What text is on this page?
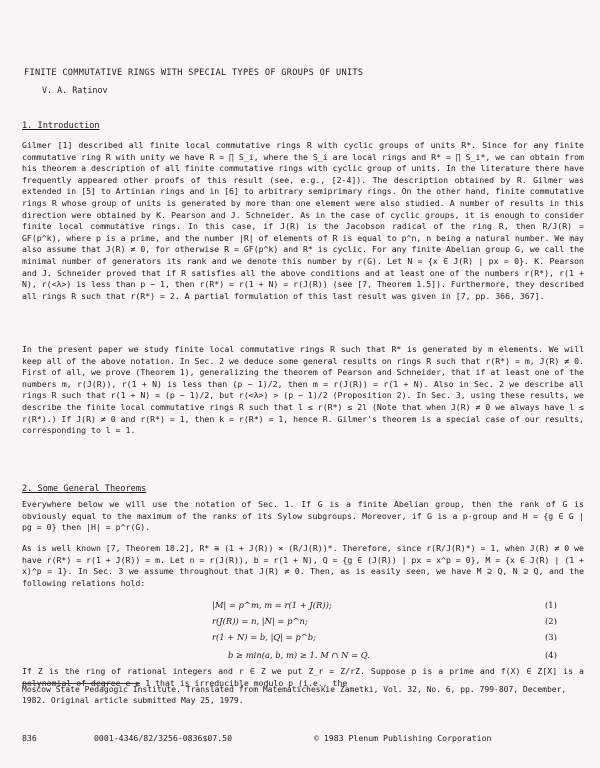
FINITE COMMUTATIVE RINGS WITH SPECIAL TYPES OF GROUPS OF UNITS
V. A. Ratinov
1. Introduction

Gilmer [1] described all finite local commutative rings R with cyclic groups of units R*. Since for any finite commutative ring R with unity we have R = ∏ S_i, where the S_i are local rings and R* = ∏ S_i*, we can obtain from his theorem a description of all finite commutative rings with cyclic group of units. In the literature there have frequently appeared other proofs of this result (see, e.g., [2-4]). The description obtained by R. Gilmer was extended in [5] to Artinian rings and in [6] to arbitrary semiprimary rings. On the other hand, finite commutative rings R whose group of units is generated by more than one element were also studied. A number of results in this direction were obtained by K. Pearson and J. Schneider. As in the case of cyclic groups, it is enough to consider finite local commutative rings. In this case, if J(R) is the Jacobson radical of the ring R, then R/J(R) = GF(p^k), where p is a prime, and the number |R| of elements of R is equal to p^n, n being a natural number. We may also assume that J(R) ≠ 0, for otherwise R = GF(p^k) and R* is cyclic. For any finite Abelian group G, we call the minimal number of generators its rank and we denote this number by r(G). Let N = {x ∈ J(R) | px = 0}. K. Pearson and J. Schneider proved that if R satisfies all the above conditions and at least one of the numbers r(R*), r(1 + N), r(<λ>) is less than p − 1, then r(R*) = r(1 + N) = r(J(R)) (see [7, Theorem 1.5]). Furthermore, they described all rings R such that r(R*) = 2. A partial formulation of this last result was given in [7, pp. 366, 367].

In the present paper we study finite local commutative rings R such that R* is generated by m elements. We will keep all of the above notation. In Sec. 2 we deduce some general results on rings R such that r(R*) = m, J(R) ≠ 0. First of all, we prove (Theorem 1), generalizing the theorem of Pearson and Schneider, that if at least one of the numbers m, r(J(R)), r(1 + N) is less than (p − 1)/2, then m = r(J(R)) = r(1 + N). Also in Sec. 2 we describe all rings R such that r(1 + N) = (p − 1)/2, but r(<λ>) > (p − 1)/2 (Proposition 2). In Sec. 3, using these results, we describe the finite local commutative rings R such that l ≤ r(R*) ≤ 2l (Note that when J(R) ≠ 0 we always have l ≤ r(R*).) If J(R) ≠ 0 and r(R*) = 1, then k = r(R*) = 1, hence R. Gilmer's theorem is a special case of our results, corresponding to l = 1.

2. Some General Theorems

Everywhere below we will use the notation of Sec. 1. If G is a finite Abelian group, then the rank of G is obviously equal to the maximum of the ranks of its Sylow subgroups. Moreover, if G is a p-group and H = {g ∈ G | pg = 0} then |H| = p^r(G).

As is well known [7, Theorem 18.2], R* ≅ (1 + J(R)) × (R/J(R))*. Therefore, since r(R/J(R)*) = 1, when J(R) ≠ 0 we have r(R*) = r(1 + J(R)) = m. Let n = r(J(R)), b = r(1 + N), Q = {g ∈ (J(R)) | px = x^p = 0}, M = {x ∈ J(R) | (1 + x)^p = 1}. In Sec. 3 we assume throughout that J(R) ≠ 0. Then, as is easily seen, we have M ⊇ Q, N ⊇ Q, and the following relations hold:

|M| = p^m, m = r(1 + J(R));	(1)
r(J(R)) = n, |N| = p^n;	(2)
r(1 + N) = b, |Q| = p^b;	(3)
b ≥ min(a, b, m) ≥ 1. M ∩ N = Q.	(4)

If Z is the ring of rational integers and r ∈ Z we put Z_r = Z/rZ. Suppose p is a prime and f(X) ∈ Z[X] is a polynomial of degree e ≥ 1 that is irreducible modulo p (i.e., the

Moscow State Pedagogic Institute. Translated from Matematicheskie Zametki, Vol. 32, No. 6, pp. 799-807, December, 1982. Original article submitted May 25, 1979.

836	0001-4346/82/3256-0836$07.50	© 1983 Plenum Publishing Corporation
